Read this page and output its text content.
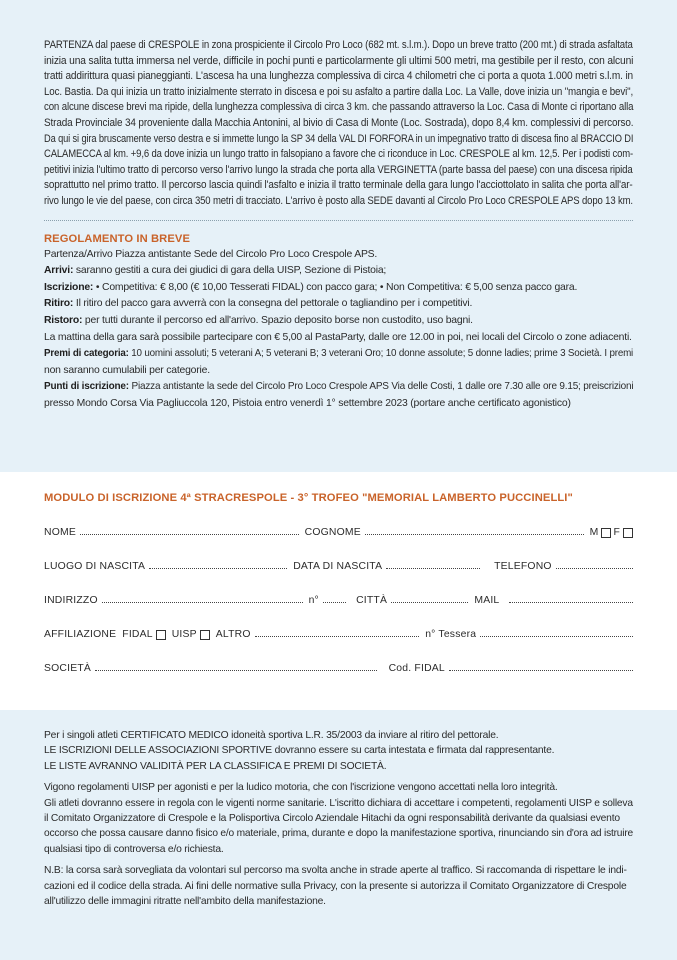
PARTENZA dal paese di CRESPOLE in zona prospiciente il Circolo Pro Loco (682 mt. s.l.m.). Dopo un breve tratto (200 mt.) di strada asfaltata
inizia una salita tutta immersa nel verde, difficile in pochi punti e particolarmente gli ultimi 500 metri, ma gestibile per il resto, con alcuni
tratti addirittura quasi pianeggianti. L'ascesa ha una lunghezza complessiva di circa 4 chilometri che ci porta a quota 1.000 metri s.l.m. in
Loc. Bastia. Da qui inizia un tratto inizialmente sterrato in discesa e poi su asfalto a partire dalla Loc. La Valle, dove inizia un "mangia e bevi",
con alcune discese brevi ma ripide, della lunghezza complessiva di circa 3 km. che passando attraverso la Loc. Casa di Monte ci riportano alla
Strada Provinciale 34 proveniente dalla Macchia Antonini, al bivio di Casa di Monte (Loc. Sostrada), dopo 8,4 km. complessivi di percorso.
Da qui si gira bruscamente verso destra e si immette lungo la SP 34 della VAL DI FORFORA in un impegnativo tratto di discesa fino al BRACCIO DI
CALAMECCA al km. +9,6 da dove inizia un lungo tratto in falsopiano a favore che ci riconduce in Loc. CRESPOLE al km. 12,5. Per i podisti com-
petitivi inizia l'ultimo tratto di percorso verso l'arrivo lungo la strada che porta alla VERGINETTA (parte bassa del paese) con una discesa ripida
soprattutto nel primo tratto. Il percorso lascia quindi l'asfalto e inizia il tratto terminale della gara lungo l'acciottolato in salita che porta all'ar-
rivo lungo le vie del paese, con circa 350 metri di tracciato. L'arrivo è posto alla SEDE davanti al Circolo Pro Loco CRESPOLE APS dopo 13 km.
REGOLAMENTO IN BREVE
Partenza/Arrivo Piazza antistante Sede del Circolo Pro Loco Crespole APS.
Arrivi: saranno gestiti a cura dei giudici di gara della UISP, Sezione di Pistoia;
Iscrizione: • Competitiva: € 8,00 (€ 10,00 Tesserati FIDAL) con pacco gara; • Non Competitiva: € 5,00 senza pacco gara.
Ritiro: Il ritiro del pacco gara avverrà con la consegna del pettorale o tagliandino per i competitivi.
Ristoro: per tutti durante il percorso ed all'arrivo. Spazio deposito borse non custodito, uso bagni.
La mattina della gara sarà possibile partecipare con € 5,00 al PastaParty, dalle ore 12.00 in poi, nei locali del Circolo o zone adiacenti.
Premi di categoria: 10 uomini assoluti; 5 veterani A; 5 veterani B; 3 veterani Oro; 10 donne assolute; 5 donne ladies; prime 3 Società. I premi
non saranno cumulabili per categorie.
Punti di iscrizione: Piazza antistante la sede del Circolo Pro Loco Crespole APS Via delle Costi, 1 dalle ore 7.30 alle ore 9.15; preiscrizioni
presso Mondo Corsa Via Pagliuccola 120, Pistoia entro venerdì 1° settembre 2023 (portare anche certificato agonistico)
MODULO DI ISCRIZIONE 4ª STRACRESPOLE - 3° TROFEO "MEMORIAL LAMBERTO PUCCINELLI"
NOME	COGNOME	M F
LUOGO DI NASCITA	DATA DI NASCITA	TELEFONO
INDIRIZZO	n°	CITTÀ	MAIL
AFFILIAZIONE FIDAL UISP ALTRO	n° Tessera
SOCIETÀ	Cod. FIDAL
Per i singoli atleti CERTIFICATO MEDICO idoneità sportiva L.R. 35/2003 da inviare al ritiro del pettorale.
LE ISCRIZIONI DELLE ASSOCIAZIONI SPORTIVE dovranno essere su carta intestata e firmata dal rappresentante.
LE LISTE AVRANNO VALIDITÀ PER LA CLASSIFICA E PREMI DI SOCIETÀ.
Vigono regolamenti UISP per agonisti e per la ludico motoria, che con l'iscrizione vengono accettati nella loro integrità.
Gli atleti dovranno essere in regola con le vigenti norme sanitarie. L'iscritto dichiara di accettare i competenti, regolamenti UISP e solleva
il Comitato Organizzatore di Crespole e la Polisportiva Circolo Aziendale Hitachi da ogni responsabilità derivante da qualsiasi evento
occorso che possa causare danno fisico e/o materiale, prima, durante e dopo la manifestazione sportiva, rinunciando sin d'ora ad istruire
qualsiasi tipo di controversa e/o richiesta.
N.B: la corsa sarà sorvegliata da volontari sul percorso ma svolta anche in strade aperte al traffico. Si raccomanda di rispettare le indi-
cazioni ed il codice della strada. Ai fini delle normative sulla Privacy, con la presente si autorizza il Comitato Organizzatore di Crespole
all'utilizzo delle immagini ritratte nell'ambito della manifestazione.
